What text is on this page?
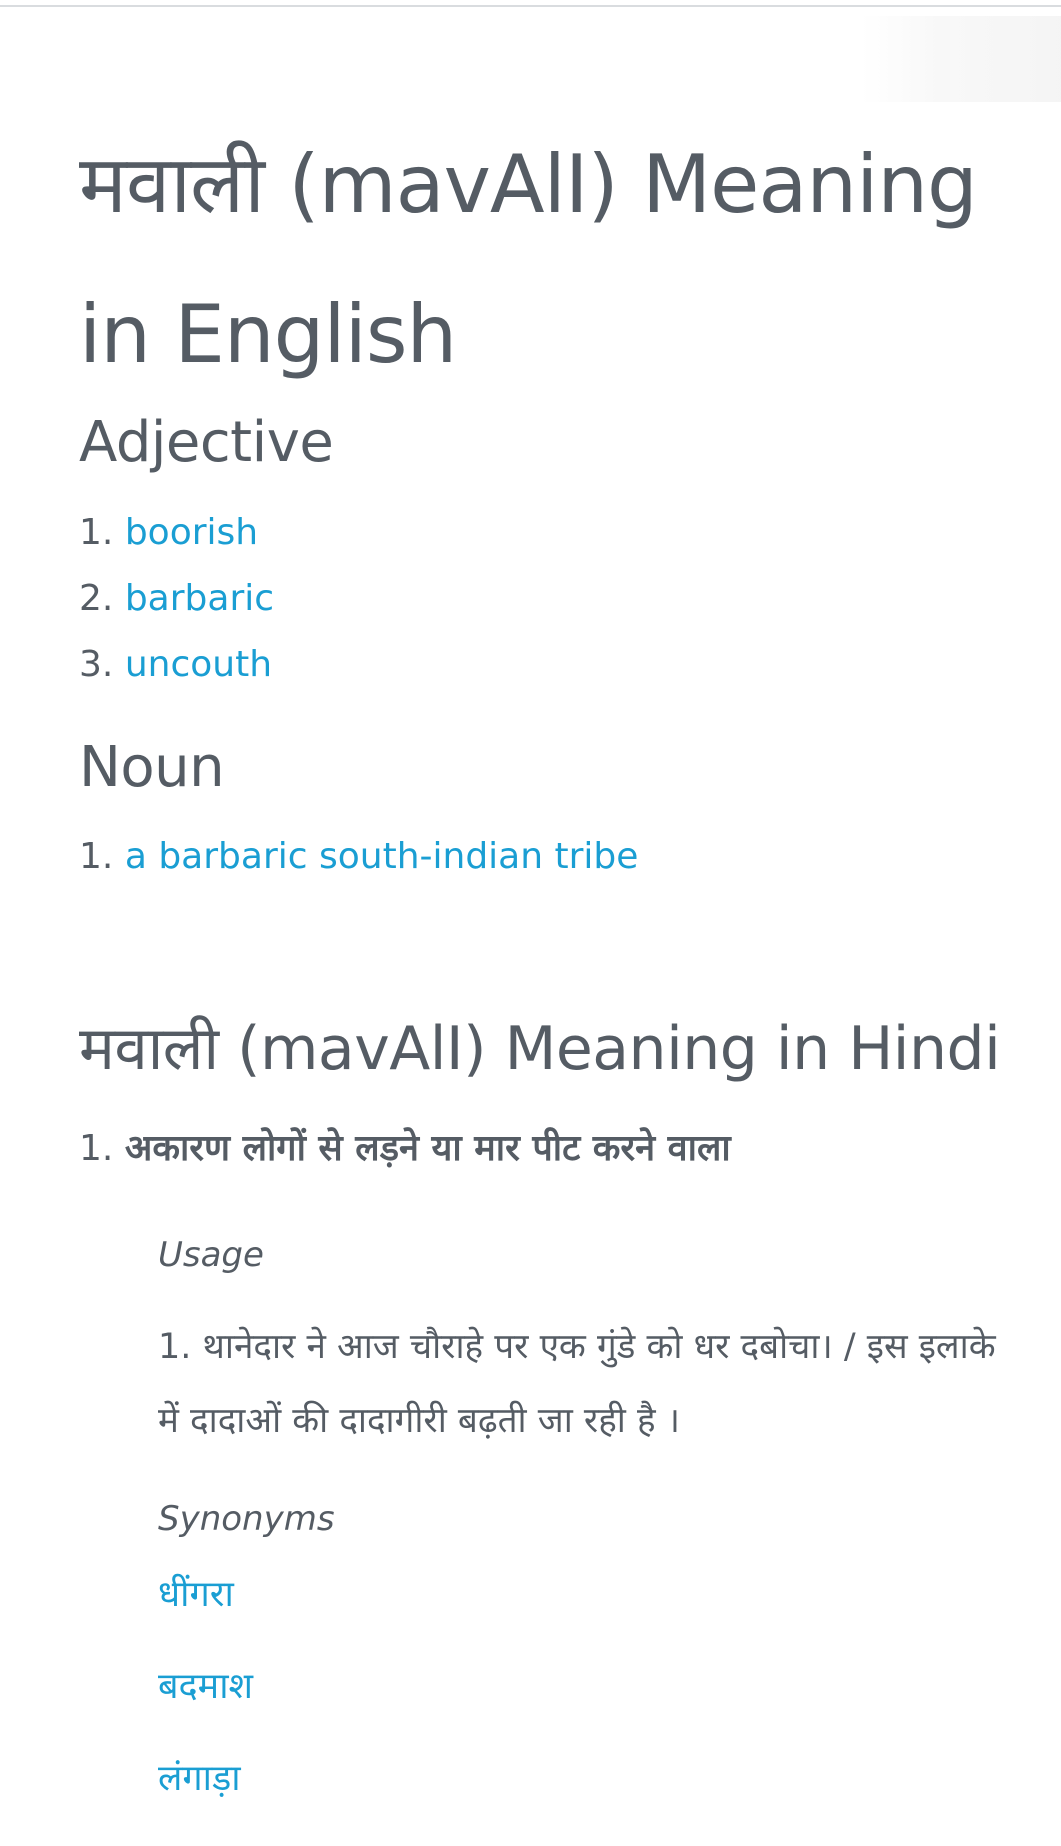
मवाली (mavAlI) Meaning in English
Adjective
1. boorish
2. barbaric
3. uncouth
Noun
1. a barbaric south-indian tribe
मवाली (mavAlI) Meaning in Hindi
1. अकारण लोगों से लड़ने या मार पीट करने वाला

Usage

1. थानेदार ने आज चौराहे पर एक गुंडे को धर दबोचा। / इस इलाके में दादाओं की दादागीरी बढ़ती जा रही है ।

Synonyms

धींगरा
बदमाश
लंगाड़ा
